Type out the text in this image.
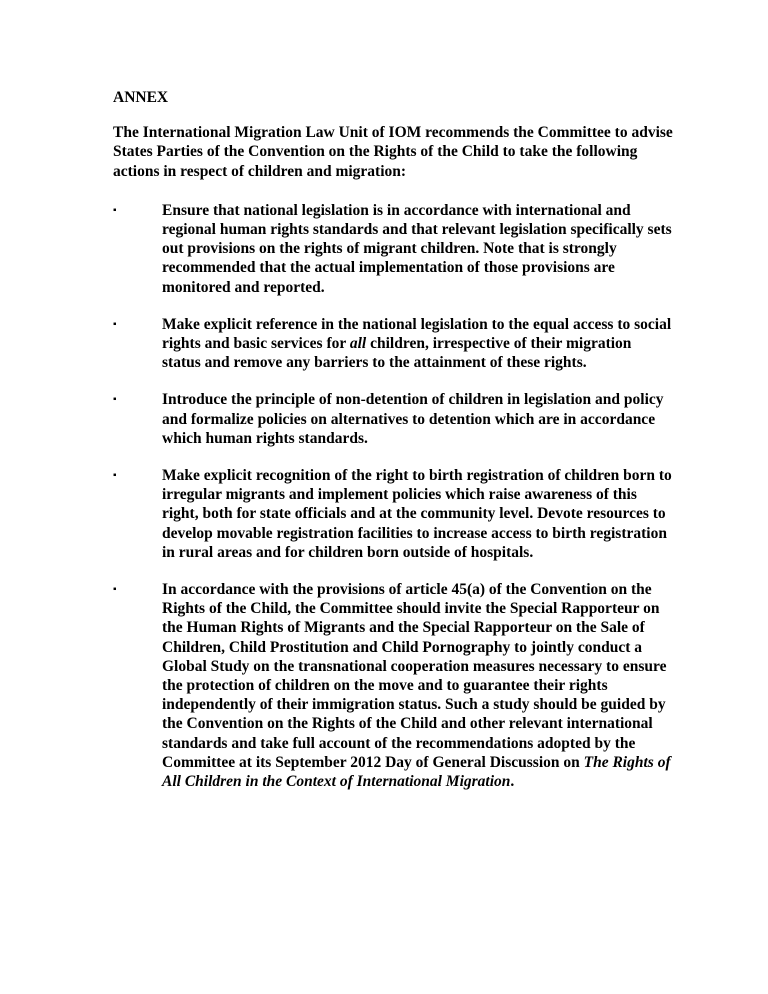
ANNEX

The International Migration Law Unit of IOM recommends the Committee to advise States Parties of the Convention on the Rights of the Child to take the following actions in respect of children and migration:

▪	Ensure that national legislation is in accordance with international and regional human rights standards and that relevant legislation specifically sets out provisions on the rights of migrant children. Note that is strongly recommended that the actual implementation of those provisions are monitored and reported.
▪	Make explicit reference in the national legislation to the equal access to social rights and basic services for all children, irrespective of their migration status and remove any barriers to the attainment of these rights.
▪	Introduce the principle of non-detention of children in legislation and policy and formalize policies on alternatives to detention which are in accordance which human rights standards.
▪	Make explicit recognition of the right to birth registration of children born to irregular migrants and implement policies which raise awareness of this right, both for state officials and at the community level. Devote resources to develop movable registration facilities to increase access to birth registration in rural areas and for children born outside of hospitals.
▪	In accordance with the provisions of article 45(a) of the Convention on the Rights of the Child, the Committee should invite the Special Rapporteur on the Human Rights of Migrants and the Special Rapporteur on the Sale of Children, Child Prostitution and Child Pornography to jointly conduct a Global Study on the transnational cooperation measures necessary to ensure the protection of children on the move and to guarantee their rights independently of their immigration status. Such a study should be guided by the Convention on the Rights of the Child and other relevant international standards and take full account of the recommendations adopted by the Committee at its September 2012 Day of General Discussion on The Rights of All Children in the Context of International Migration.
